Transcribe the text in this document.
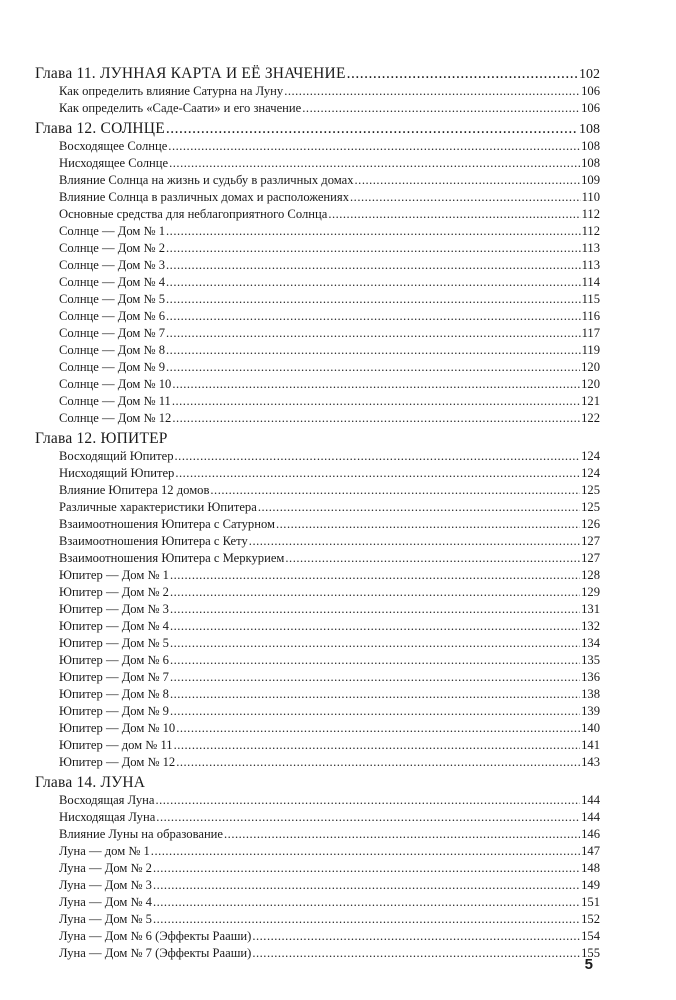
Глава 11. ЛУННАЯ КАРТА И ЕЁ ЗНАЧЕНИЕ .....	102
Как определить влияние Сатурна на Луну .....	106
Как определить «Саде-Саати» и его значение .....	106
Глава 12. СОЛНЦЕ .....	108
Восходящее Солнце .....	108
Нисходящее Солнце .....	108
Влияние Солнца на жизнь и судьбу в различных домах .....	109
Влияние Солнца в различных домах и расположениях .....	110
Основные средства для неблагоприятного Солнца .....	112
Солнце — Дом № 1 .....	112
Солнце — Дом № 2 .....	113
Солнце — Дом № 3 .....	113
Солнце — Дом № 4 .....	114
Солнце — Дом № 5 .....	115
Солнце — Дом № 6 .....	116
Солнце — Дом № 7 .....	117
Солнце — Дом № 8 .....	119
Солнце — Дом № 9 .....	120
Солнце — Дом № 10 .....	120
Солнце — Дом № 11 .....	121
Солнце — Дом № 12 .....	122
Глава 12. ЮПИТЕР
Восходящий Юпитер .....	124
Нисходящий Юпитер .....	124
Влияние Юпитера 12 домов .....	125
Различные характеристики Юпитера .....	125
Взаимоотношения Юпитера с Сатурном .....	126
Взаимоотношения Юпитера с Кету .....	127
Взаимоотношения Юпитера с Меркурием .....	127
Юпитер — Дом № 1 .....	128
Юпитер — Дом № 2 .....	129
Юпитер — Дом № 3 .....	131
Юпитер — Дом № 4 .....	132
Юпитер — Дом № 5 .....	134
Юпитер — Дом № 6 .....	135
Юпитер — Дом № 7 .....	136
Юпитер — Дом № 8 .....	138
Юпитер — Дом № 9 .....	139
Юпитер — Дом № 10 .....	140
Юпитер — дом № 11 .....	141
Юпитер — Дом № 12 .....	143
Глава 14. ЛУНА
Восходящая Луна .....	144
Нисходящая Луна .....	144
Влияние Луны на образование .....	146
Луна — дом № 1 .....	147
Луна — Дом № 2 .....	148
Луна — Дом № 3 .....	149
Луна — Дом № 4 .....	151
Луна — Дом № 5 .....	152
Луна — Дом № 6 (Эффекты Рааши) .....	154
Луна — Дом № 7 (Эффекты Рааши) .....	155
5
